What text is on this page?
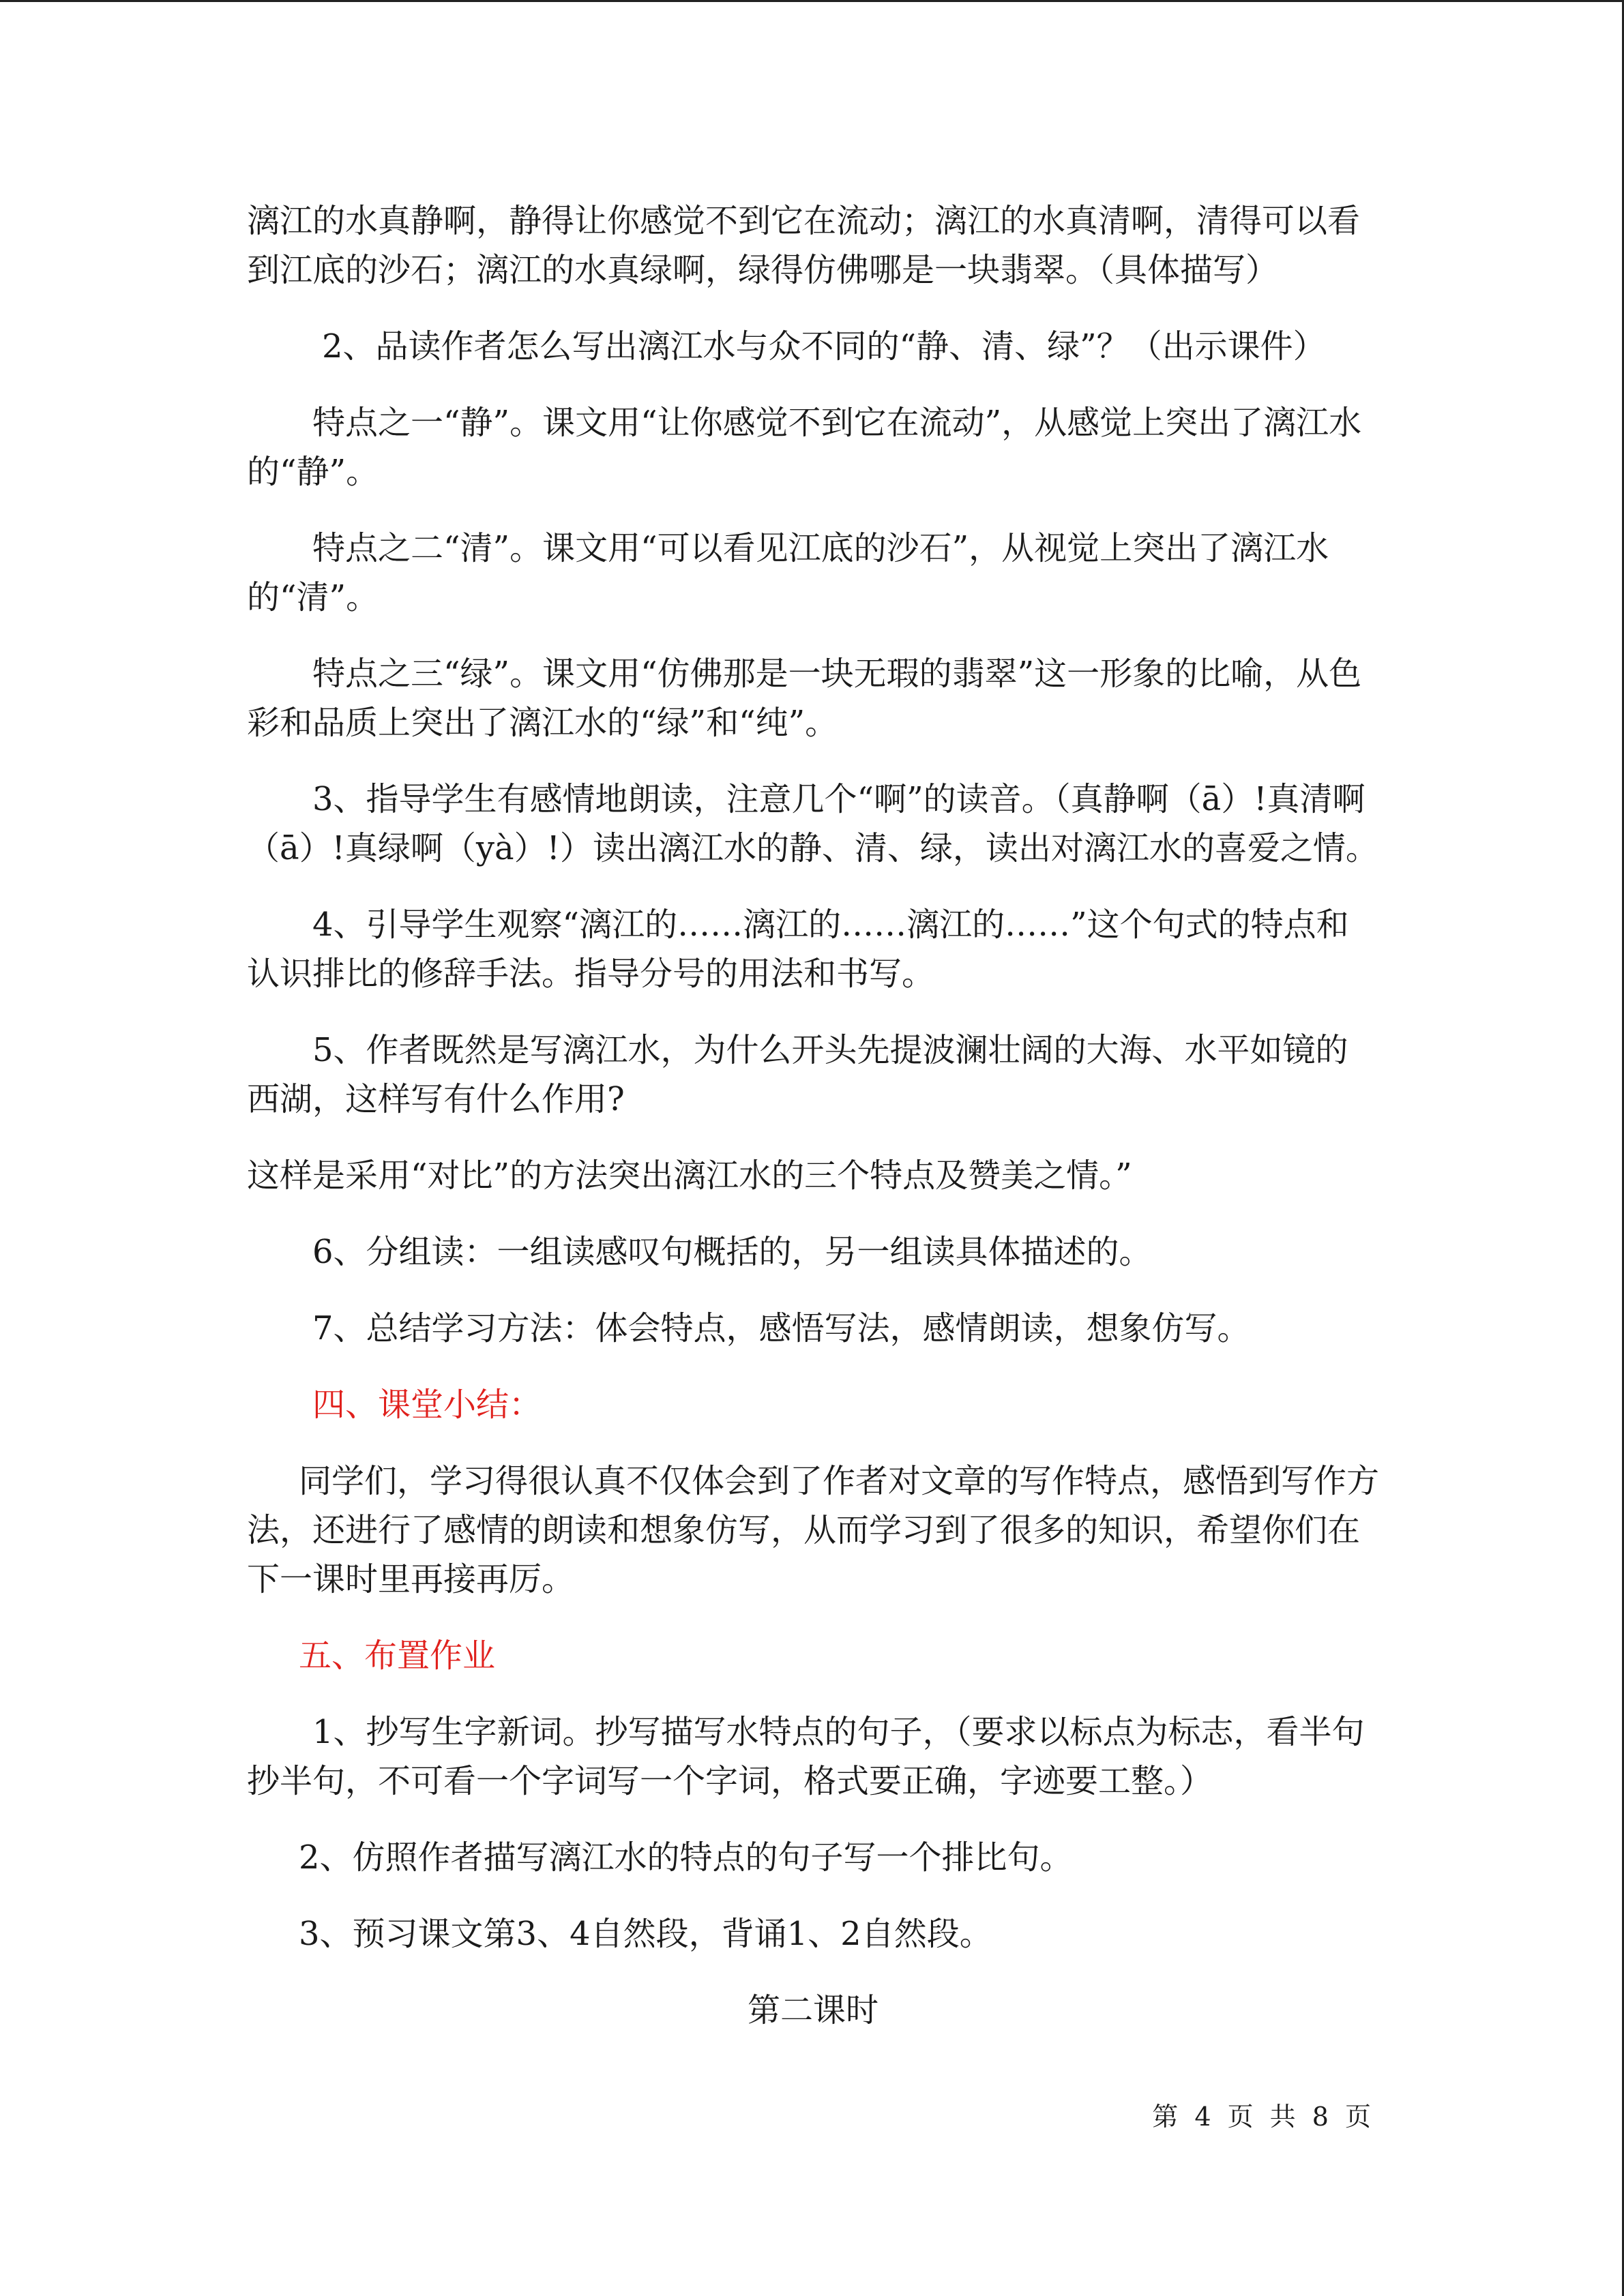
漓江的水真静啊，静得让你感觉不到它在流动；漓江的水真清啊，清得可以看到江底的沙石；漓江的水真绿啊，绿得仿佛哪是一块翡翠。（具体描写）

2、品读作者怎么写出漓江水与众不同的“静、清、绿”？（出示课件）

特点之一“静”。课文用“让你感觉不到它在流动”，从感觉上突出了漓江水的“静”。

特点之二“清”。课文用“可以看见江底的沙石”，从视觉上突出了漓江水的“清”。

特点之三“绿”。课文用“仿佛那是一块无瑕的翡翠”这一形象的比喻，从色彩和品质上突出了漓江水的“绿”和“纯”。

3、指导学生有感情地朗读，注意几个“啊”的读音。（真静啊（ā）!真清啊（ā）!真绿啊（yà）!）读出漓江水的静、清、绿，读出对漓江水的喜爱之情。

4、引导学生观察“漓江的……漓江的……漓江的……”这个句式的特点和认识排比的修辞手法。指导分号的用法和书写。

5、作者既然是写漓江水，为什么开头先提波澜壮阔的大海、水平如镜的西湖，这样写有什么作用?

这样是采用“对比”的方法突出漓江水的三个特点及赞美之情。”

6、分组读：一组读感叹句概括的，另一组读具体描述的。

7、总结学习方法：体会特点，感悟写法，感情朗读，想象仿写。

四、课堂小结：

同学们，学习得很认真不仅体会到了作者对文章的写作特点，感悟到写作方法，还进行了感情的朗读和想象仿写，从而学习到了很多的知识，希望你们在下一课时里再接再厉。

五、布置作业

1、抄写生字新词。抄写描写水特点的句子，（要求以标点为标志，看半句抄半句，不可看一个字词写一个字词，格式要正确，字迹要工整。）

2、仿照作者描写漓江水的特点的句子写一个排比句。

3、预习课文第3、4自然段，背诵1、2自然段。

第二课时

第 4 页 共 8 页
